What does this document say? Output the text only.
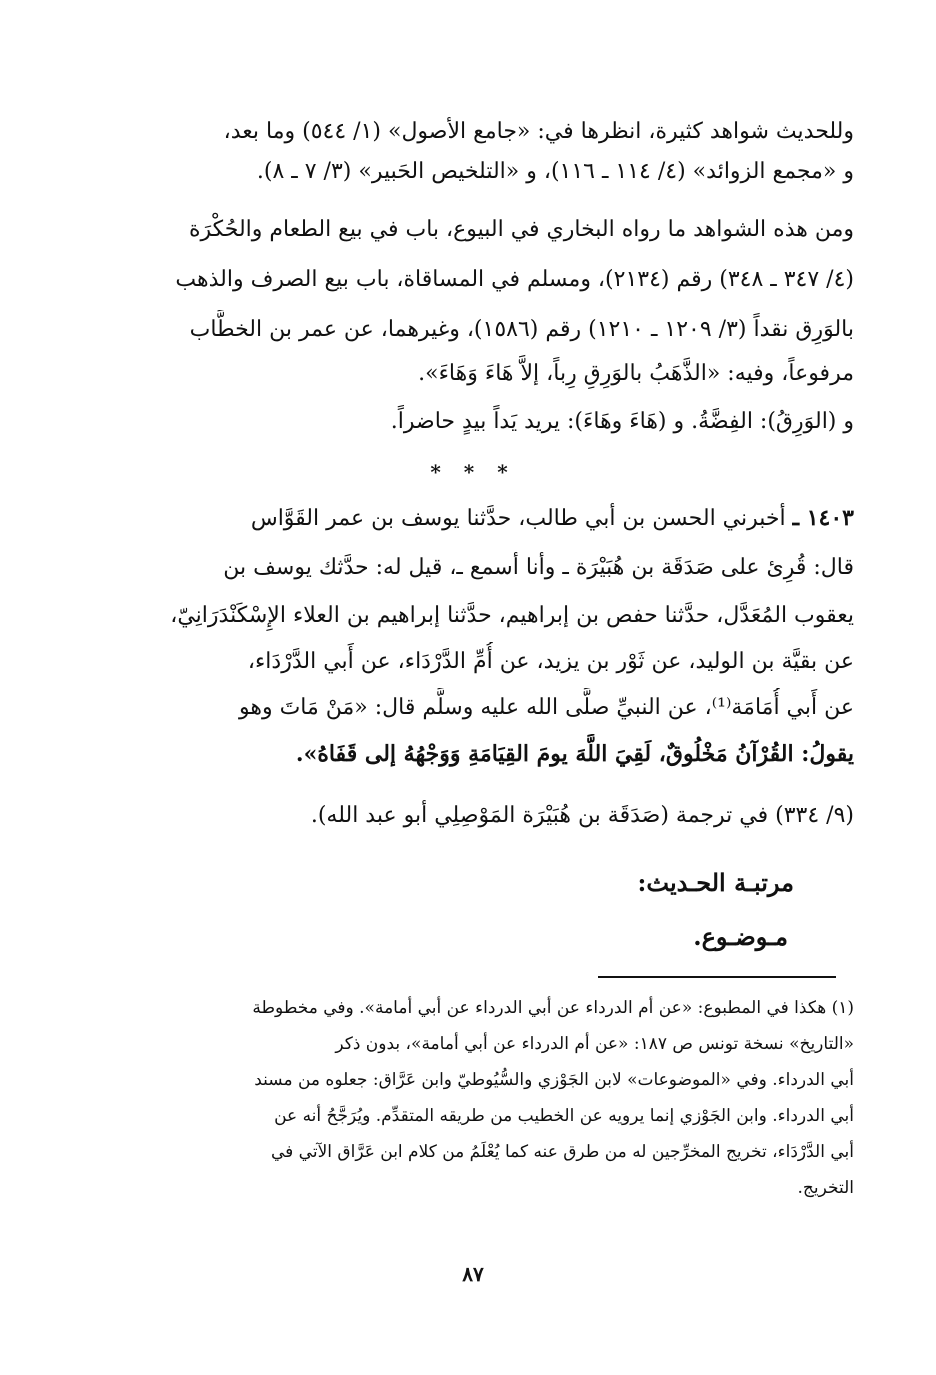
وللحديث شواهد كثيرة، انظرها في: «جامع الأصول» (١/ ٥٤٤) وما بعد،
و «مجمع الزوائد» (٤/ ١١٤ ـ ١١٦)، و «التلخيص الحَبير» (٣/ ٧ ـ ٨).
ومن هذه الشواهد ما رواه البخاري في البيوع، باب في بيع الطعام والحُكْرَة
(٤/ ٣٤٧ ـ ٣٤٨) رقم (٢١٣٤)، ومسلم في المساقاة، باب بيع الصرف والذهب
بالوَرِق نقداً (٣/ ١٢٠٩ ـ ١٢١٠) رقم (١٥٨٦)، وغيرهما، عن عمر بن الخطَّاب
مرفوعاً، وفيه: «الذَّهَبُ بالوَرِقِ رِباً، إلاَّ هَاءَ وَهَاءَ».
و (الوَرِقُ): الفِضَّةُ. و (هَاءَ وهَاءَ): يريد يَداً بيدٍ حاضراً.
* * *
١٤٠٣ ـ أخبرني الحسن بن أبي طالب، حدَّثنا يوسف بن عمر القَوَّاس
قال: قُرِئ على صَدَقَة بن هُبَيْرَة ـ وأنا أسمع ـ، قيل له: حدَّثك يوسف بن
يعقوب المُعَدَّل، حدَّثنا حفص بن إبراهيم، حدَّثنا إبراهيم بن العلاء الإِسْكَنْدَرَانِيّ،
عن بقيَّة بن الوليد، عن ثَوْر بن يزيد، عن أُمِّ الدَّرْدَاء، عن أَبي الدَّرْدَاء،
عن أَبي أُمَامَة⁽¹⁾، عن النبيِّ صلَّى الله عليه وسلَّم قال: «مَنْ مَاتَ وهو
يقولُ: القُرْآنُ مَخْلُوقٌ، لَقِيَ اللَّهَ يومَ القِيَامَةِ وَوَجْهُهُ إلى قَفَاهُ».
(٩/ ٣٣٤) في ترجمة (صَدَقَة بن هُبَيْرَة المَوْصِلِي أبو عبد الله).
مرتبـة الحـديث:
مـوضـوع.
(١) هكذا في المطبوع: «عن أم الدرداء عن أبي الدرداء عن أبي أمامة». وفي مخطوطة
«التاريخ» نسخة تونس ص ١٨٧: «عن أم الدرداء عن أبي أمامة»، بدون ذكر
أبي الدرداء. وفي «الموضوعات» لابن الجَوْزي والسُّيُوطيّ وابن عَرَّاق: جعلوه من مسند
أبي الدرداء. وابن الجَوْزي إنما يرويه عن الخطيب من طريقه المتقدِّم. ويُرَجَّحُ أنه عن
أبي الدَّرْدَاء، تخريج المخرِّجين له من طرق عنه كما يُعْلَمُ من كلام ابن عَرَّاق الآتي في
التخريج.
٨٧
